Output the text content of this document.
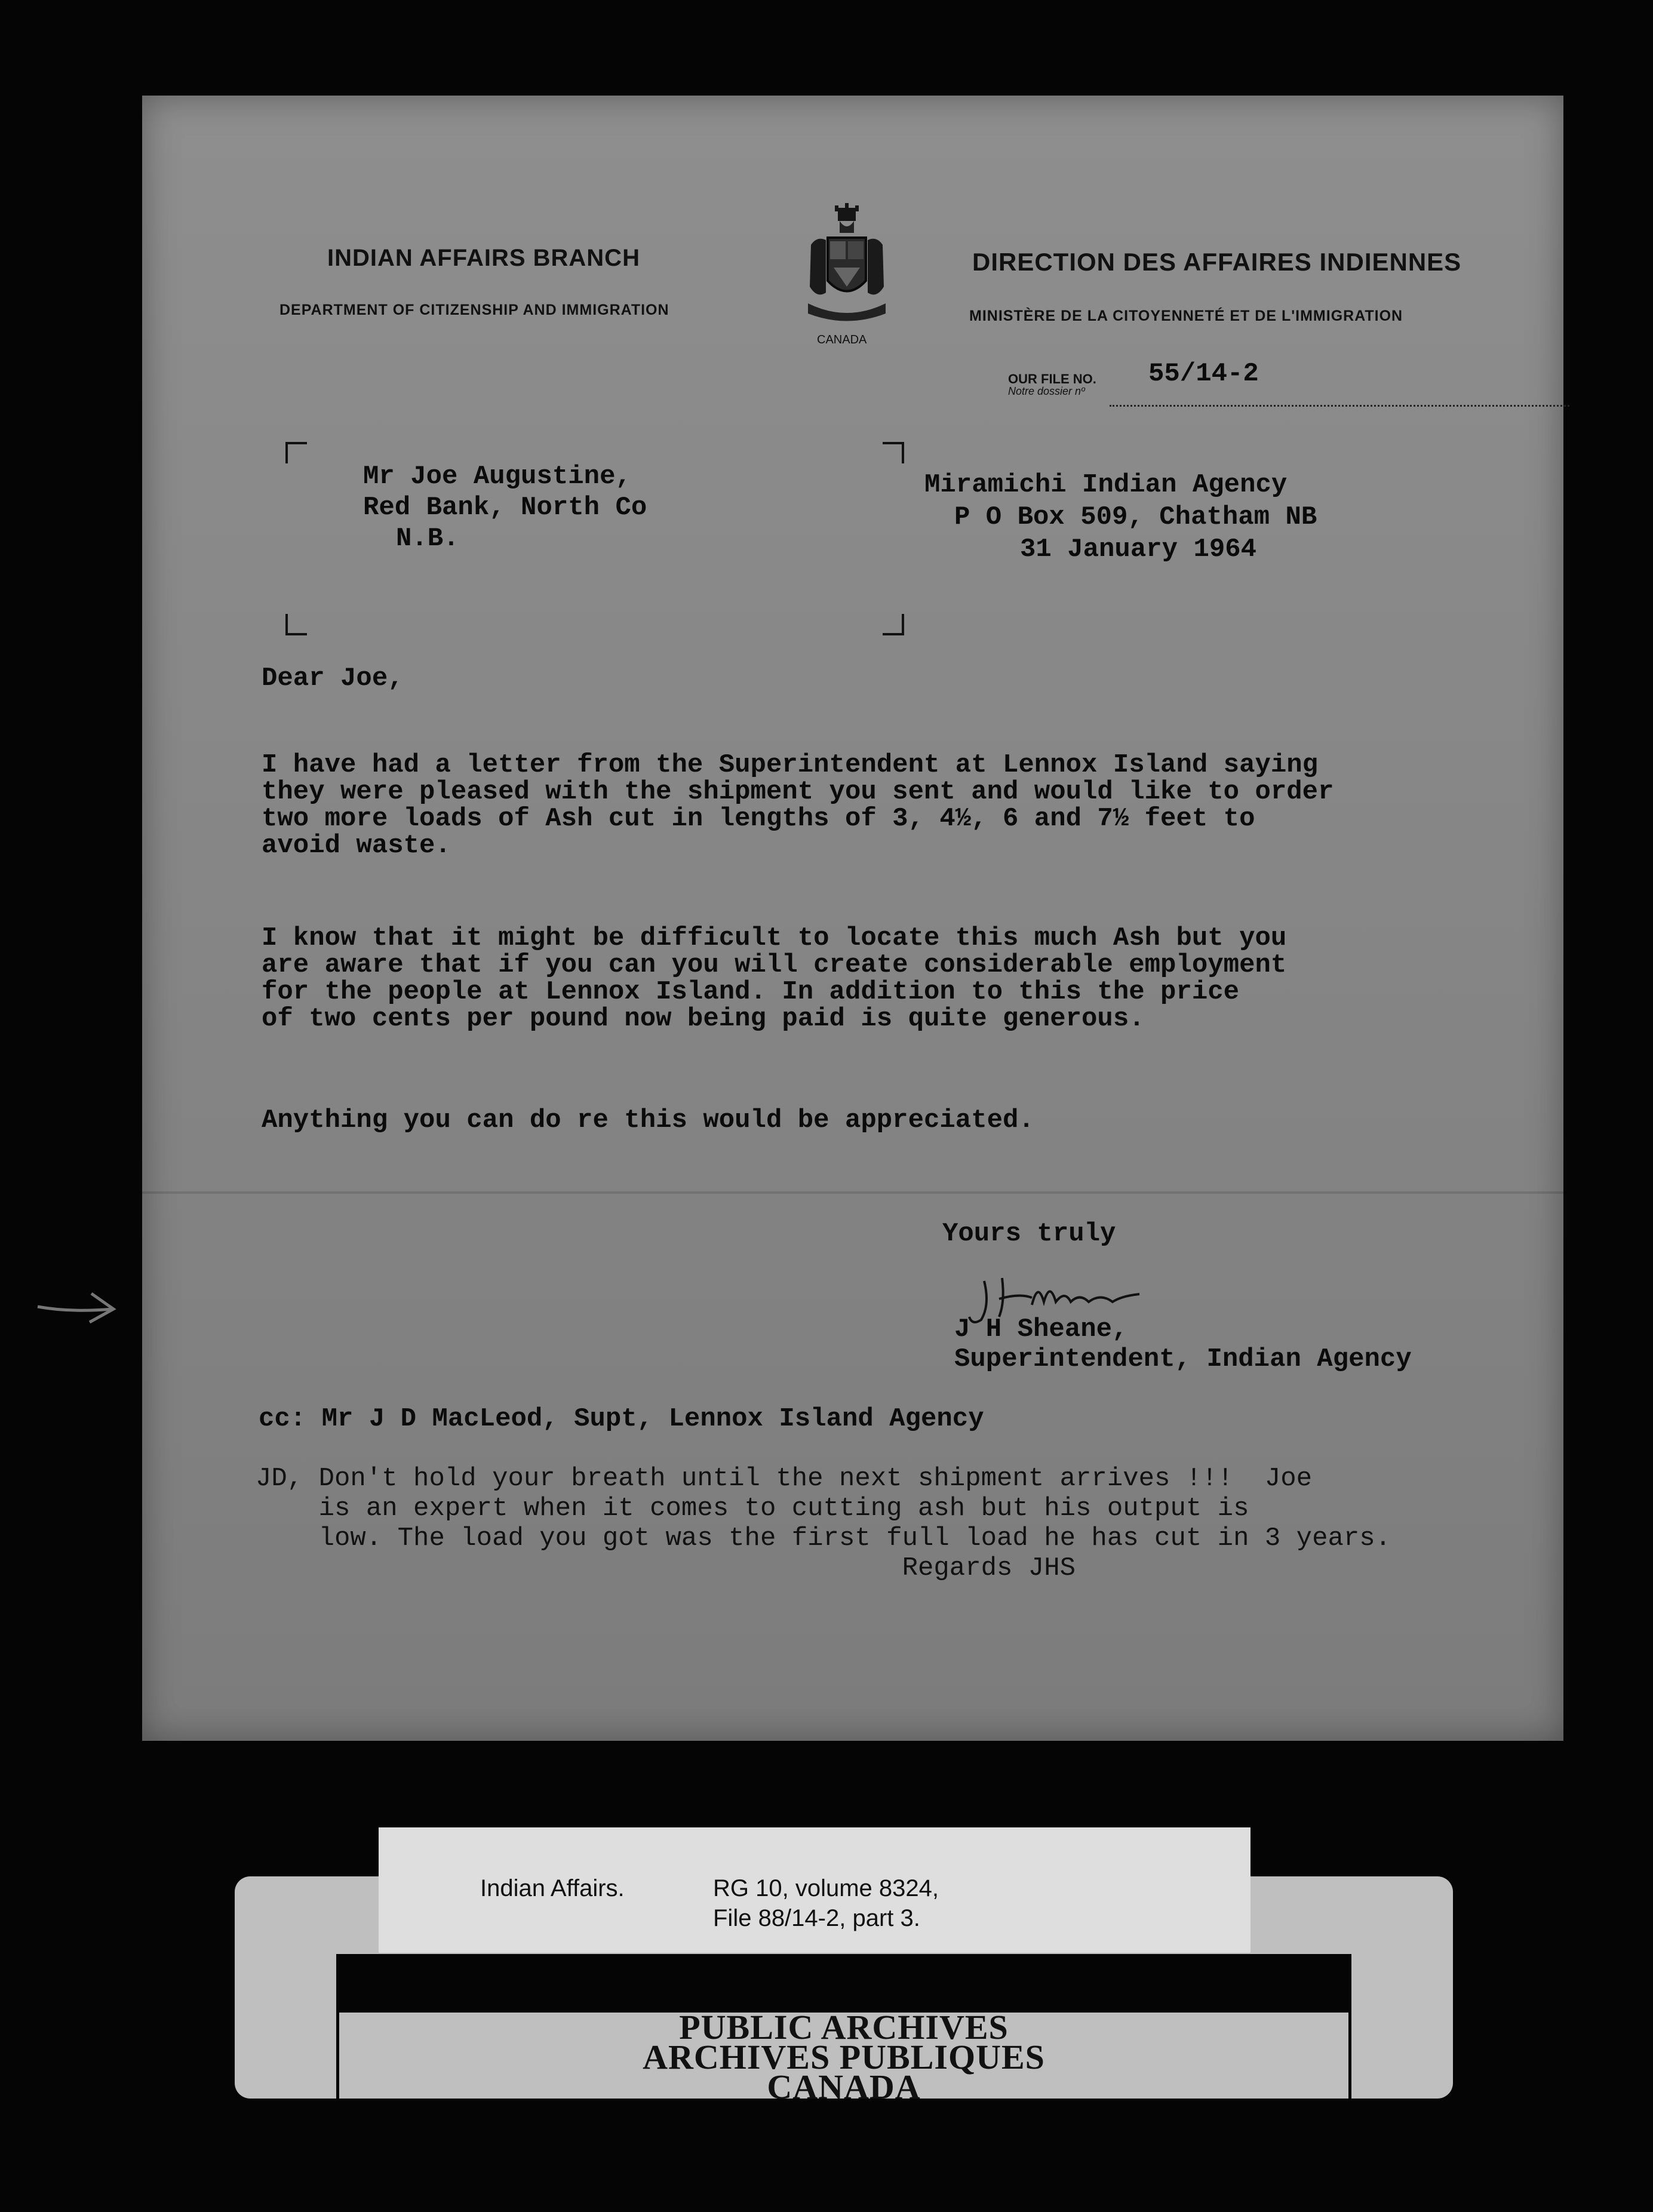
INDIAN AFFAIRS BRANCH
DEPARTMENT OF CITIZENSHIP AND IMMIGRATION
CANADA
DIRECTION DES AFFAIRES INDIENNES
MINISTÈRE DE LA CITOYENNETÉ ET DE L'IMMIGRATION
OUR FILE NO.
Notre dossier nº
55/14-2
Mr Joe Augustine,
Red Bank, North Co
N.B.
Miramichi Indian Agency
P O Box 509, Chatham NB
31 January 1964
Dear Joe,
I have had a letter from the Superintendent at Lennox Island saying
they were pleased with the shipment you sent and would like to order
two more loads of Ash cut in lengths of 3, 4½, 6 and 7½ feet to
avoid waste.
I know that it might be difficult to locate this much Ash but you
are aware that if you can you will create considerable employment
for the people at Lennox Island. In addition to this the price
of two cents per pound now being paid is quite generous.
Anything you can do re this would be appreciated.
Yours truly
J H Sheane,
Superintendent, Indian Agency
cc: Mr J D MacLeod, Supt, Lennox Island Agency
JD, Don't hold your breath until the next shipment arrives !!!  Joe
is an expert when it comes to cutting ash but his output is
low. The load you got was the first full load he has cut in 3 years.
Regards JHS
PUBLIC ARCHIVES
ARCHIVES PUBLIQUES
CANADA
Indian Affairs.	RG 10, volume 8324,
File 88/14-2, part 3.
